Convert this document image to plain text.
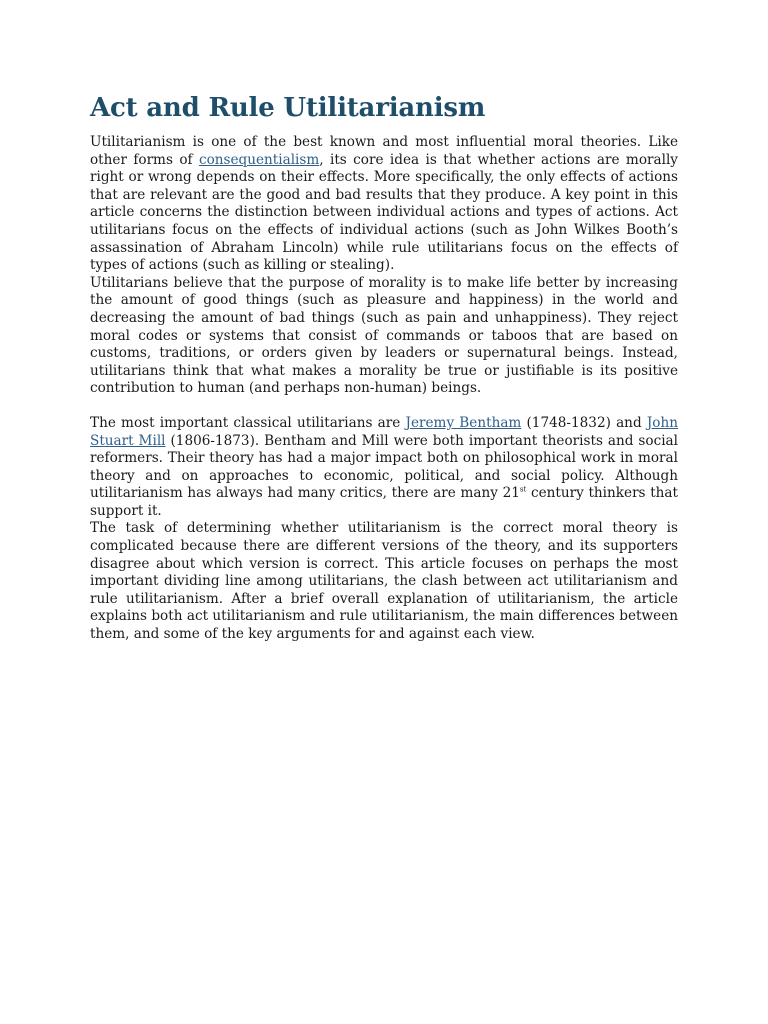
Act and Rule Utilitarianism

Utilitarianism is one of the best known and most influential moral theories. Like other forms of consequentialism, its core idea is that whether actions are morally right or wrong depends on their effects. More specifically, the only effects of actions that are relevant are the good and bad results that they produce. A key point in this article concerns the distinction between individual actions and types of actions. Act utilitarians focus on the effects of individual actions (such as John Wilkes Booth’s assassination of Abraham Lincoln) while rule utilitarians focus on the effects of types of actions (such as killing or stealing).

Utilitarians believe that the purpose of morality is to make life better by increasing the amount of good things (such as pleasure and happiness) in the world and decreasing the amount of bad things (such as pain and unhappiness). They reject moral codes or systems that consist of commands or taboos that are based on customs, traditions, or orders given by leaders or supernatural beings. Instead, utilitarians think that what makes a morality be true or justifiable is its positive contribution to human (and perhaps non-human) beings.

The most important classical utilitarians are Jeremy Bentham (1748-1832) and John Stuart Mill (1806-1873). Bentham and Mill were both important theorists and social reformers. Their theory has had a major impact both on philosophical work in moral theory and on approaches to economic, political, and social policy. Although utilitarianism has always had many critics, there are many 21st century thinkers that support it.

The task of determining whether utilitarianism is the correct moral theory is complicated because there are different versions of the theory, and its supporters disagree about which version is correct. This article focuses on perhaps the most important dividing line among utilitarians, the clash between act utilitarianism and rule utilitarianism. After a brief overall explanation of utilitarianism, the article explains both act utilitarianism and rule utilitarianism, the main differences between them, and some of the key arguments for and against each view.
